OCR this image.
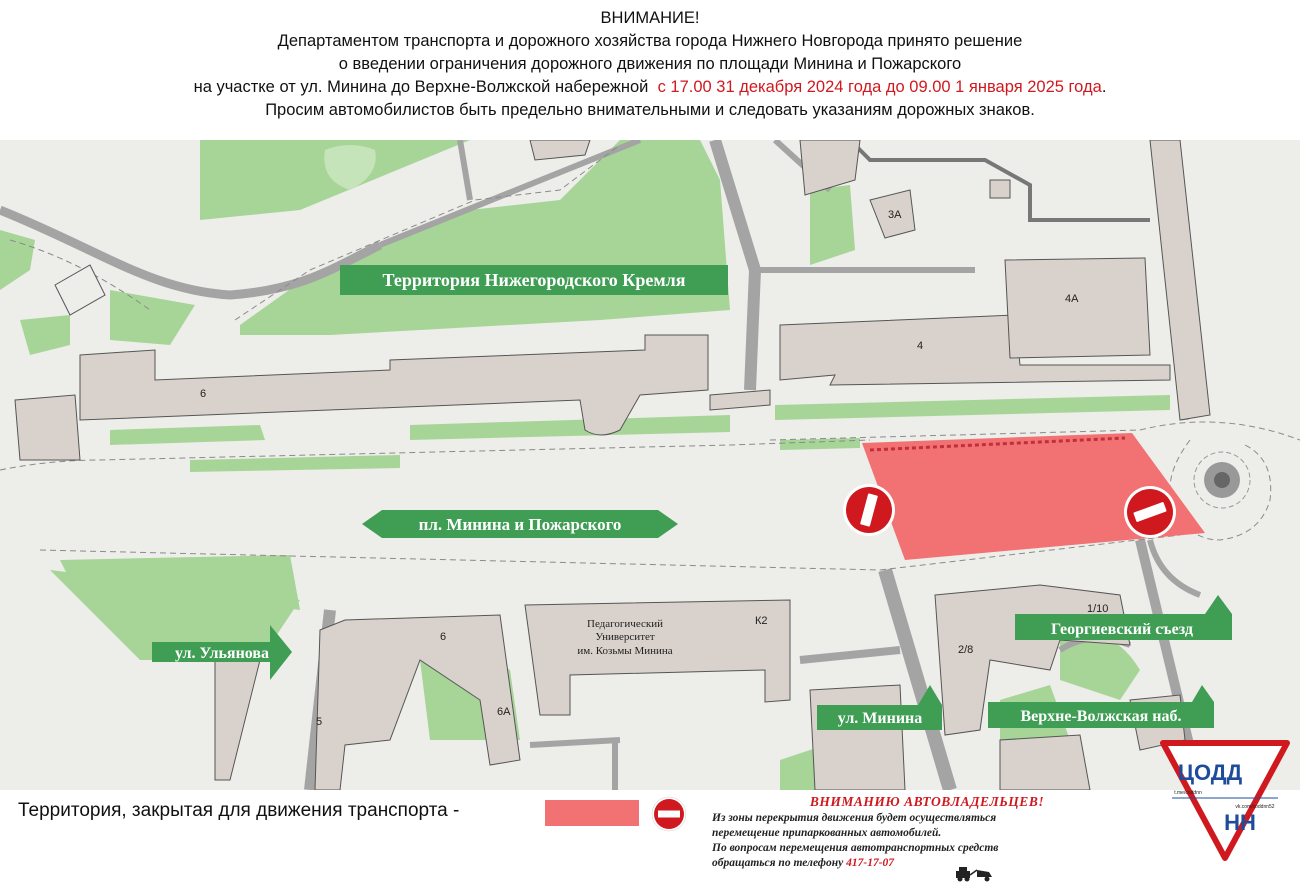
ВНИМАНИЕ!
Департаментом транспорта и дорожного хозяйства города Нижнего Новгорода принято решение
о введении ограничения дорожного движения по площади Минина и Пожарского
на участке от ул. Минина до Верхне-Волжской набережной с 17.00 31 декабря 2024 года до 09.00 1 января 2025 года.
Просим автомобилистов быть предельно внимательными и следовать указаниям дорожных знаков.
Территория Нижегородского Кремля
пл. Минина и Пожарского
ул. Ульянова
ул. Минина
Георгиевский съезд
Верхне-Волжская наб.
6
3А
4А
4
6
6А
5
К2
1/10
2/8
Педагогический
Университет
им. Козьмы Минина
Территория, закрытая для движения транспорта -	ВНИМАНИЮ АВТОВЛАДЕЛЬЦЕВ!
Из зоны перекрытия движения будет осуществляться
перемещение припаркованных автомобилей.
По вопросам перемещения автотранспортных средств
обращаться по телефону 417-17-07
ЦОДД
НН
t.me/coddnn
vk.com/coddnn52
